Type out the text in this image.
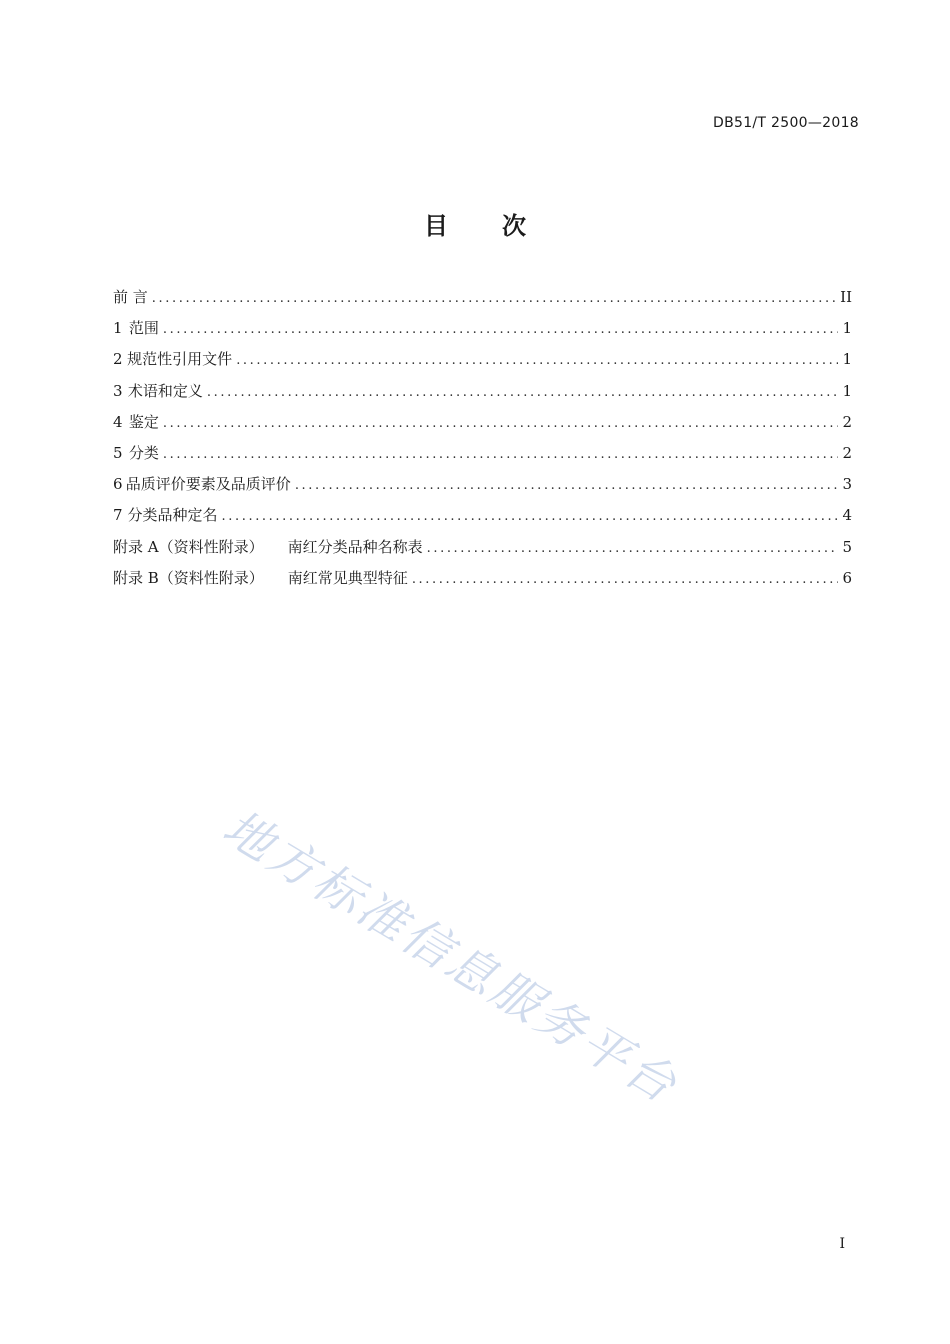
DB51/T 2500—2018
目 次
前 言 .....	II
1 范围 .....	1
2 规范性引用文件 .....	1
3 术语和定义 .....	1
4 鉴定 .....	2
5 分类 .....	2
6 品质评价要素及品质评价 .....	3
7 分类品种定名 .....	4
附录 A（资料性附录） 南红分类品种名称表 .....	5
附录 B（资料性附录） 南红常见典型特征 .....	6
地方标准信息服务平台
I
